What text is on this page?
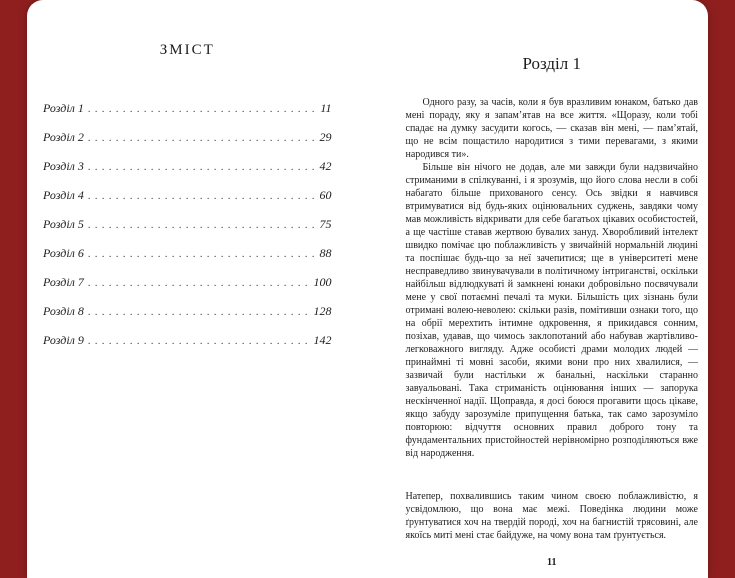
ЗМІСТ
Розділ 1 . . .	11
Розділ 2 . . .	29
Розділ 3 . . .	42
Розділ 4 . . .	60
Розділ 5 . . .	75
Розділ 6 . . .	88
Розділ 7 . . .	100
Розділ 8 . . .	128
Розділ 9 . . .	142
Розділ 1

Одного разу, за часів, коли я був вразливим юнаком, батько дав мені пораду, яку я запам’ятав на все життя. «Щоразу, коли тобі спадає на думку засудити когось, — сказав він мені, — пам’ятай, що не всім пощастило народитися з тими перевагами, з якими народився ти».

Більше він нічого не додав, але ми завжди були надзвичайно стриманими в спілкуванні, і я зрозумів, що його слова несли в собі набагато більше прихованого сенсу. Ось звідки я навчився втримуватися від будь-яких оцінювальних суджень, завдяки чому мав можливість відкривати для себе багатьох цікавих особистостей, а ще частіше ставав жертвою бувалих зануд. Хворобливий інтелект швидко помічає цю поблажливість у звичайній нормальній людині та поспішає будь-що за неї зачепитися; ще в університеті мене несправедливо звинувачували в політичному інтриганстві, оскільки найбільш відлюдкуваті й замкнені юнаки добровільно посвячували мене у свої потаємні печалі та муки. Більшість цих зізнань були отримані волею-неволею: скільки разів, помітивши ознаки того, що на обрії мерехтить інтимне одкровення, я прикидався сонним, позіхав, удавав, що чимось заклопотаний або набував жартівливо-легковажного вигляду. Адже особисті драми молодих людей — принаймні ті мовні засоби, якими вони про них хвалилися, — зазвичай були настільки ж банальні, наскільки старанно завуальовані. Така стриманість оцінювання інших — запорука нескінченної надії. Щоправда, я досі боюся прогавити щось цікаве, якщо забуду зарозуміле припущення батька, так само зарозуміло повторюю: відчуття основних правил доброго тону та фундаментальних пристойностей нерівномірно розподіляються вже від народження.

Натепер, похвалившись таким чином своєю поблажливістю, я усвідомлюю, що вона має межі. Поведінка людини може ґрунтуватися хоч на твердій породі, хоч на багнистій трясовині, але якоїсь миті мені стає байдуже, на чому вона там ґрунтується.

11
